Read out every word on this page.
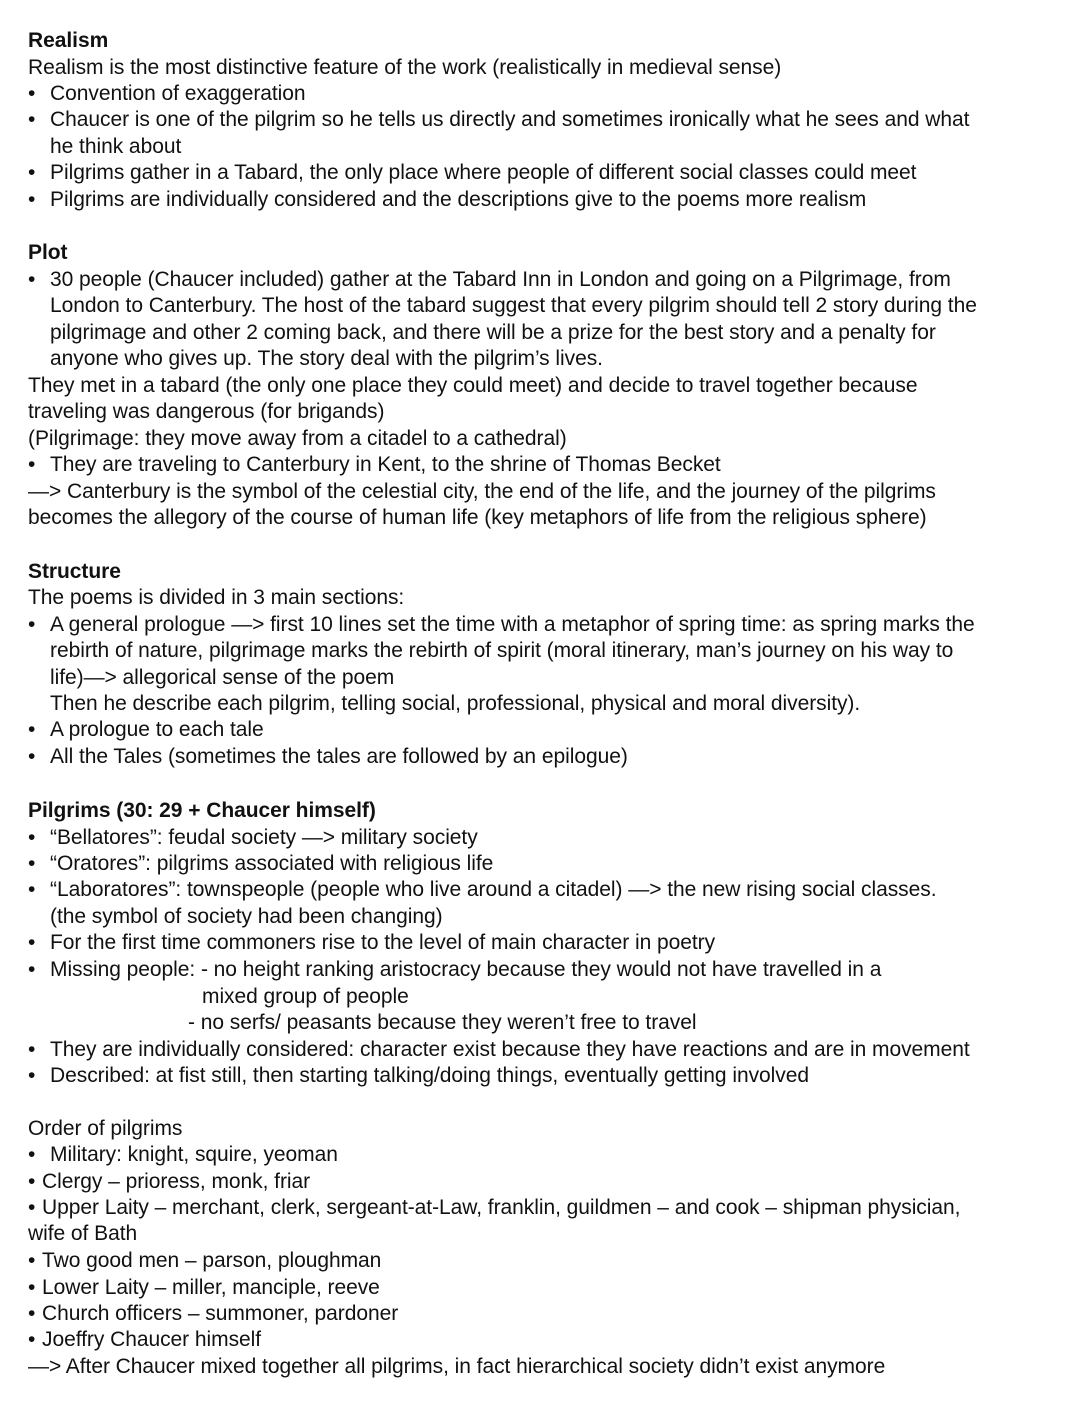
Realism
Realism is the most distinctive feature of the work (realistically in medieval sense)
• Convention of exaggeration
• Chaucer is one of the pilgrim so he tells us directly and sometimes ironically what he sees and what
he think about
• Pilgrims gather in a Tabard, the only place where people of different social classes could meet
• Pilgrims are individually considered and the descriptions give to the poems more realism
Plot
• 30 people (Chaucer included) gather at the Tabard Inn in London and going on a Pilgrimage, from
London to Canterbury. The host of the tabard suggest that every pilgrim should tell 2 story during the
pilgrimage and other 2 coming back, and there will be a prize for the best story and a penalty for
anyone who gives up. The story deal with the pilgrim’s lives.
They met in a tabard (the only one place they could meet) and decide to travel together because
traveling was dangerous (for brigands)
(Pilgrimage: they move away from a citadel to a cathedral)
• They are traveling to Canterbury in Kent, to the shrine of Thomas Becket
—> Canterbury is the symbol of the celestial city, the end of the life, and the journey of the pilgrims
becomes the allegory of the course of human life (key metaphors of life from the religious sphere)
Structure
The poems is divided in 3 main sections:
• A general prologue —> first 10 lines set the time with a metaphor of spring time: as spring marks the
rebirth of nature, pilgrimage marks the rebirth of spirit (moral itinerary, man’s journey on his way to
life)—> allegorical sense of the poem
Then he describe each pilgrim, telling social, professional, physical and moral diversity).
• A prologue to each tale
• All the Tales (sometimes the tales are followed by an epilogue)
Pilgrims (30: 29 + Chaucer himself)
• “Bellatores”: feudal society —> military society
• “Oratores”: pilgrims associated with religious life
• “Laboratores”: townspeople (people who live around a citadel) —> the new rising social classes.
(the symbol of society had been changing)
• For the first time commoners rise to the level of main character in poetry
• Missing people: - no height ranking aristocracy because they would not have travelled in a
mixed group of people
- no serfs/ peasants because they weren’t free to travel
• They are individually considered: character exist because they have reactions and are in movement
• Described: at fist still, then starting talking/doing things, eventually getting involved
Order of pilgrims
• Military: knight, squire, yeoman
• Clergy – prioress, monk, friar
• Upper Laity – merchant, clerk, sergeant-at-Law, franklin, guildmen – and cook – shipman physician,
wife of Bath
• Two good men – parson, ploughman
• Lower Laity – miller, manciple, reeve
• Church officers – summoner, pardoner
• Joeffry Chaucer himself
—> After Chaucer mixed together all pilgrims, in fact hierarchical society didn’t exist anymore
